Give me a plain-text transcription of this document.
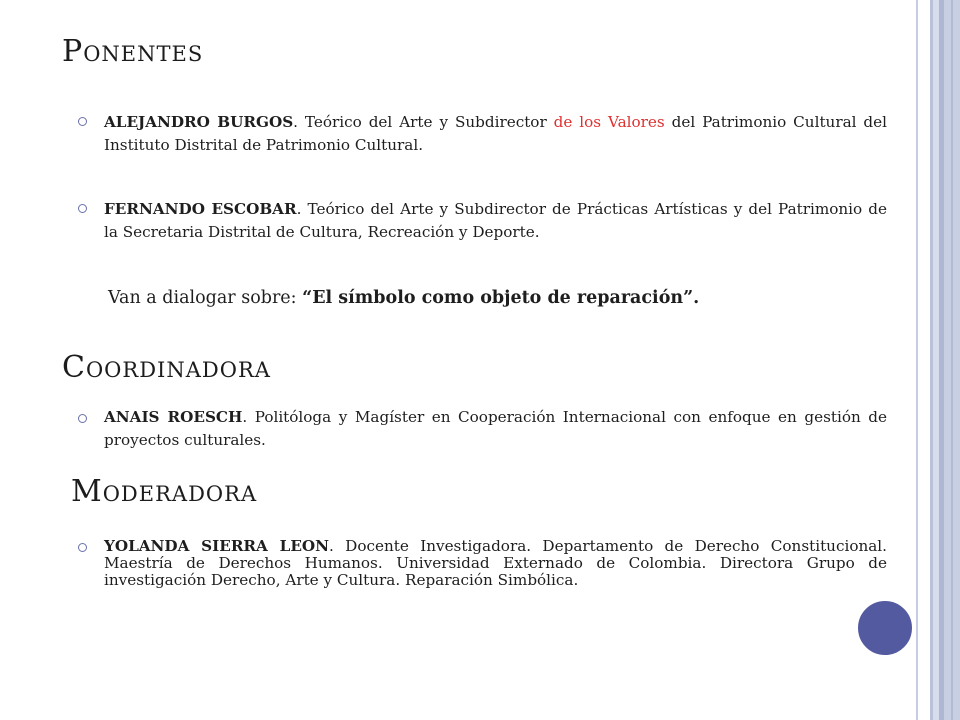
PONENTES

ALEJANDRO BURGOS. Teórico del Arte y Subdirector de los Valores del Patrimonio Cultural del Instituto Distrital de Patrimonio Cultural.

FERNANDO ESCOBAR. Teórico del Arte y Subdirector de Prácticas Artísticas y del Patrimonio de la Secretaria Distrital de Cultura, Recreación y Deporte.

Van a dialogar sobre: “El símbolo como objeto de reparación”.
COORDINADORA

ANAIS ROESCH. Politóloga y Magíster en Cooperación Internacional con enfoque en gestión de proyectos culturales.

MODERADORA

YOLANDA SIERRA LEON. Docente Investigadora. Departamento de Derecho Constitucional. Maestría de Derechos Humanos. Universidad Externado de Colombia. Directora Grupo de investigación Derecho, Arte y Cultura. Reparación Simbólica.
